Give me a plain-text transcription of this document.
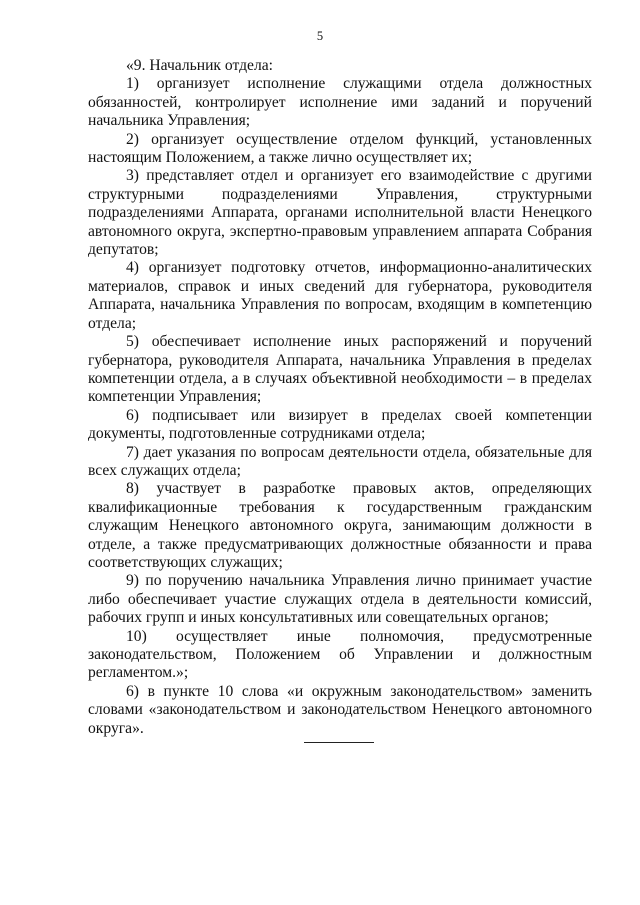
5

«9. Начальник отдела:

1) организует исполнение служащими отдела должностных обязанностей, контролирует исполнение ими заданий и поручений начальника Управления;

2) организует осуществление отделом функций, установленных настоящим Положением, а также лично осуществляет их;

3) представляет отдел и организует его взаимодействие с другими структурными подразделениями Управления, структурными подразделениями Аппарата, органами исполнительной власти Ненецкого автономного округа, экспертно-правовым управлением аппарата Собрания депутатов;

4) организует подготовку отчетов, информационно-аналитических материалов, справок и иных сведений для губернатора, руководителя Аппарата, начальника Управления по вопросам, входящим в компетенцию отдела;

5) обеспечивает исполнение иных распоряжений и поручений губернатора, руководителя Аппарата, начальника Управления в пределах компетенции отдела, а в случаях объективной необходимости – в пределах компетенции Управления;

6) подписывает или визирует в пределах своей компетенции документы, подготовленные сотрудниками отдела;

7) дает указания по вопросам деятельности отдела, обязательные для всех служащих отдела;

8) участвует в разработке правовых актов, определяющих квалификационные требования к государственным гражданским служащим Ненецкого автономного округа, занимающим должности в отделе, а также предусматривающих должностные обязанности и права соответствующих служащих;

9) по поручению начальника Управления лично принимает участие либо обеспечивает участие служащих отдела в деятельности комиссий, рабочих групп и иных консультативных или совещательных органов;

10) осуществляет иные полномочия, предусмотренные законодательством, Положением об Управлении и должностным регламентом.»;

6) в пункте 10 слова «и окружным законодательством» заменить словами «законодательством и законодательством Ненецкого автономного округа».
